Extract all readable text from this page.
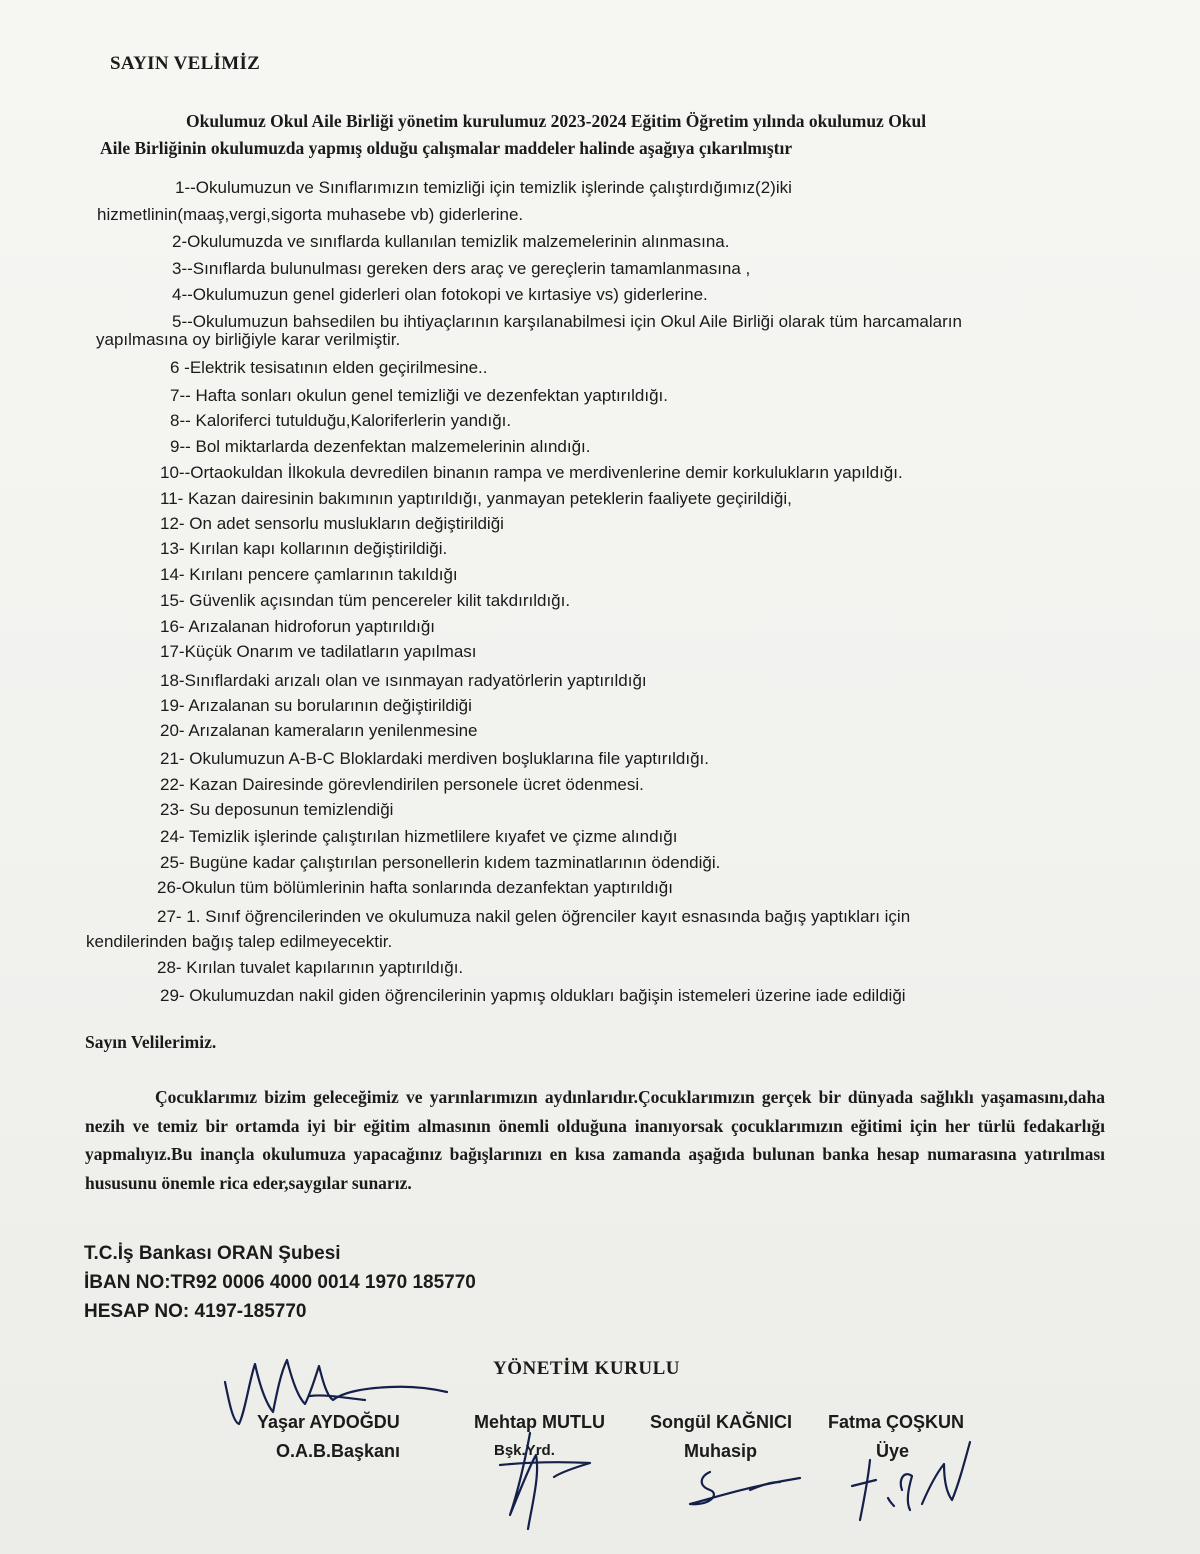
SAYIN VELİMİZ
Okulumuz Okul Aile Birliği yönetim kurulumuz 2023-2024 Eğitim Öğretim yılında okulumuz Okul
Aile Birliğinin okulumuzda yapmış olduğu çalışmalar maddeler halinde aşağıya çıkarılmıştır
1--Okulumuzun ve Sınıflarımızın temizliği için temizlik işlerinde çalıştırdığımız(2)iki
hizmetlinin(maaş,vergi,sigorta muhasebe vb) giderlerine.
2-Okulumuzda ve sınıflarda kullanılan temizlik malzemelerinin alınmasına.
3--Sınıflarda bulunulması gereken ders araç ve gereçlerin tamamlanmasına ,
4--Okulumuzun genel giderleri olan fotokopi ve kırtasiye vs) giderlerine.
5--Okulumuzun bahsedilen bu ihtiyaçlarının karşılanabilmesi için Okul Aile Birliği olarak tüm harcamaların
yapılmasına oy birliğiyle karar verilmiştir.
6 -Elektrik tesisatının elden geçirilmesine..
7-- Hafta sonları okulun genel temizliği ve dezenfektan yaptırıldığı.
8-- Kaloriferci tutulduğu,Kaloriferlerin yandığı.
9-- Bol miktarlarda dezenfektan malzemelerinin alındığı.
10--Ortaokuldan İlkokula devredilen binanın rampa ve merdivenlerine demir korkulukların yapıldığı.
11- Kazan dairesinin bakımının yaptırıldığı, yanmayan peteklerin faaliyete geçirildiği,
12- On adet sensorlu muslukların değiştirildiği
13- Kırılan kapı kollarının değiştirildiği.
14- Kırılanı pencere çamlarının takıldığı
15- Güvenlik açısından tüm pencereler kilit takdırıldığı.
16- Arızalanan hidroforun yaptırıldığı
17-Küçük Onarım ve tadilatların yapılması
18-Sınıflardaki arızalı olan ve ısınmayan radyatörlerin yaptırıldığı
19- Arızalanan su borularının değiştirildiği
20- Arızalanan kameraların yenilenmesine
21- Okulumuzun A-B-C Bloklardaki merdiven boşluklarına file yaptırıldığı.
22- Kazan Dairesinde görevlendirilen personele ücret ödenmesi.
23- Su deposunun temizlendiği
24- Temizlik işlerinde çalıştırılan hizmetlilere kıyafet ve çizme alındığı
25- Bugüne kadar çalıştırılan personellerin kıdem tazminatlarının ödendiği.
26-Okulun tüm bölümlerinin hafta sonlarında dezanfektan yaptırıldığı
27- 1. Sınıf öğrencilerinden ve okulumuza nakil gelen öğrenciler kayıt esnasında bağış yaptıkları için
kendilerinden bağış talep edilmeyecektir.
28- Kırılan tuvalet kapılarının yaptırıldığı.
29- Okulumuzdan nakil giden öğrencilerinin yapmış oldukları bağişin istemeleri üzerine iade edildiği
Sayın Velilerimiz.
Çocuklarımız bizim geleceğimiz ve yarınlarımızın aydınlarıdır.Çocuklarımızın gerçek bir dünyada sağlıklı yaşamasını,daha nezih ve temiz bir ortamda iyi bir eğitim almasının önemli olduğuna inanıyorsak çocuklarımızın eğitimi için her türlü fedakarlığı yapmalıyız.Bu inançla okulumuza yapacağınız bağışlarınızı en kısa zamanda aşağıda bulunan banka hesap numarasına yatırılması hususunu önemle rica eder,saygılar sunarız.
T.C.İş Bankası ORAN Şubesi
İBAN NO:TR92 0006 4000 0014 1970 185770
HESAP NO: 4197-185770
YÖNETİM KURULU
Yaşar AYDOĞDU
O.A.B.Başkanı
Mehtap MUTLU
Bşk.Yrd.
Songül KAĞNICI
Muhasip
Fatma ÇOŞKUN
Üye
